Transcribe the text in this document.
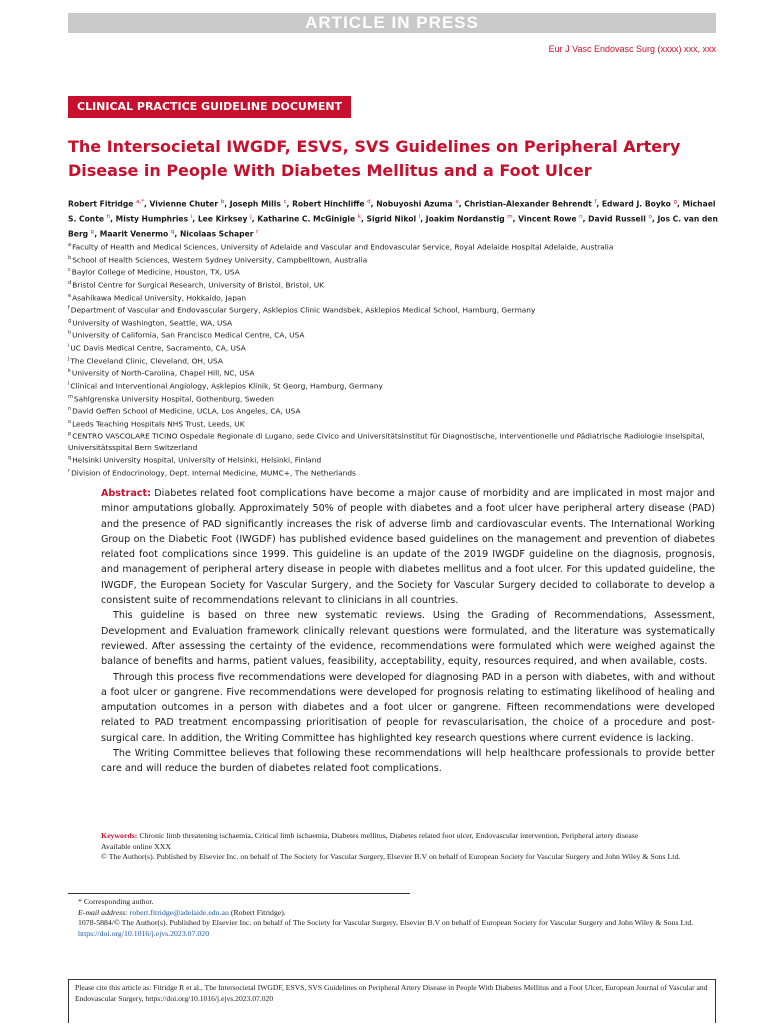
ARTICLE IN PRESS
Eur J Vasc Endovasc Surg (xxxx) xxx, xxx
CLINICAL PRACTICE GUIDELINE DOCUMENT
The Intersocietal IWGDF, ESVS, SVS Guidelines on Peripheral Artery Disease in People With Diabetes Mellitus and a Foot Ulcer
Robert Fitridge $^{a,*}$, Vivienne Chuter $^b$, Joseph Mills $^c$, Robert Hinchliffe $^d$, Nobuyoshi Azuma $^e$, Christian-Alexander Behrendt $^f$, Edward J. Boyko $^g$, Michael S. Conte $^h$, Misty Humphries $^i$, Lee Kirksey $^j$, Katharine C. McGinigle $^k$, Sigrid Nikol $^l$, Joakim Nordanstig $^m$, Vincent Rowe $^n$, David Russell $^o$, Jos C. van den Berg $^p$, Maarit Venermo $^q$, Nicolaas Schaper $^r$
$^a$Faculty of Health and Medical Sciences, University of Adelaide and Vascular and Endovascular Service, Royal Adelaide Hospital Adelaide, Australia
$^b$School of Health Sciences, Western Sydney University, Campbelltown, Australia
$^c$Baylor College of Medicine, Houston, TX, USA
$^d$Bristol Centre for Surgical Research, University of Bristol, Bristol, UK
$^e$Asahikawa Medical University, Hokkaido, Japan
$^f$Department of Vascular and Endovascular Surgery, Asklepios Clinic Wandsbek, Asklepios Medical School, Hamburg, Germany
$^g$University of Washington, Seattle, WA, USA
$^h$University of California, San Francisco Medical Centre, CA, USA
$^i$UC Davis Medical Centre, Sacramento, CA, USA
$^j$The Cleveland Clinic, Cleveland, OH, USA
$^k$University of North-Carolina, Chapel Hill, NC, USA
$^l$Clinical and Interventional Angiology, Asklepios Klinik, St Georg, Hamburg, Germany
$^m$Sahlgrenska University Hospital, Gothenburg, Sweden
$^n$David Geffen School of Medicine, UCLA, Los Angeles, CA, USA
$^o$Leeds Teaching Hospitals NHS Trust, Leeds, UK
$^p$CENTRO VASCOLARE TICINO Ospedale Regionale di Lugano, sede Civico and Universitätsinstitut für Diagnostische, Interventionelle und Pädiatrische Radiologie Inselspital, Universitätsspital Bern Switzerland
$^q$Helsinki University Hospital, University of Helsinki, Helsinki, Finland
$^r$Division of Endocrinology, Dept. Internal Medicine, MUMC+, The Netherlands

Abstract: Diabetes related foot complications have become a major cause of morbidity and are implicated in most major and minor amputations globally. Approximately 50% of people with diabetes and a foot ulcer have peripheral artery disease (PAD) and the presence of PAD significantly increases the risk of adverse limb and cardiovascular events. The International Working Group on the Diabetic Foot (IWGDF) has published evidence based guidelines on the management and prevention of diabetes related foot complications since 1999. This guideline is an update of the 2019 IWGDF guideline on the diagnosis, prognosis, and management of peripheral artery disease in people with diabetes mellitus and a foot ulcer. For this updated guideline, the IWGDF, the European Society for Vascular Surgery, and the Society for Vascular Surgery decided to collaborate to develop a consistent suite of recommendations relevant to clinicians in all countries.

This guideline is based on three new systematic reviews. Using the Grading of Recommendations, Assessment, Development and Evaluation framework clinically relevant questions were formulated, and the literature was systematically reviewed. After assessing the certainty of the evidence, recommendations were formulated which were weighed against the balance of benefits and harms, patient values, feasibility, acceptability, equity, resources required, and when available, costs.

Through this process five recommendations were developed for diagnosing PAD in a person with diabetes, with and without a foot ulcer or gangrene. Five recommendations were developed for prognosis relating to estimating likelihood of healing and amputation outcomes in a person with diabetes and a foot ulcer or gangrene. Fifteen recommendations were developed related to PAD treatment encompassing prioritisation of people for revascularisation, the choice of a procedure and post-surgical care. In addition, the Writing Committee has highlighted key research questions where current evidence is lacking.

The Writing Committee believes that following these recommendations will help healthcare professionals to provide better care and will reduce the burden of diabetes related foot complications.

Keywords: Chronic limb threatening ischaemia, Critical limb ischaemia, Diabetes mellitus, Diabetes related foot ulcer, Endovascular intervention, Peripheral artery disease
Available online XXX
© The Author(s). Published by Elsevier Inc. on behalf of The Society for Vascular Surgery, Elsevier B.V on behalf of European Society for Vascular Surgery and John Wiley & Sons Ltd.
* Corresponding author.
E-mail address: robert.fitridge@adelaide.edu.au (Robert Fitridge).
1078-5884/© The Author(s). Published by Elsevier Inc. on behalf of The Society for Vascular Surgery, Elsevier B.V on behalf of European Society for Vascular Surgery and John Wiley & Sons Ltd.
https://doi.org/10.1016/j.ejvs.2023.07.020
Please cite this article as: Fitridge R et al., The Intersocietal IWGDF, ESVS, SVS Guidelines on Peripheral Artery Disease in People With Diabetes Mellitus and a Foot Ulcer, European Journal of Vascular and Endovascular Surgery, https://doi.org/10.1016/j.ejvs.2023.07.020
